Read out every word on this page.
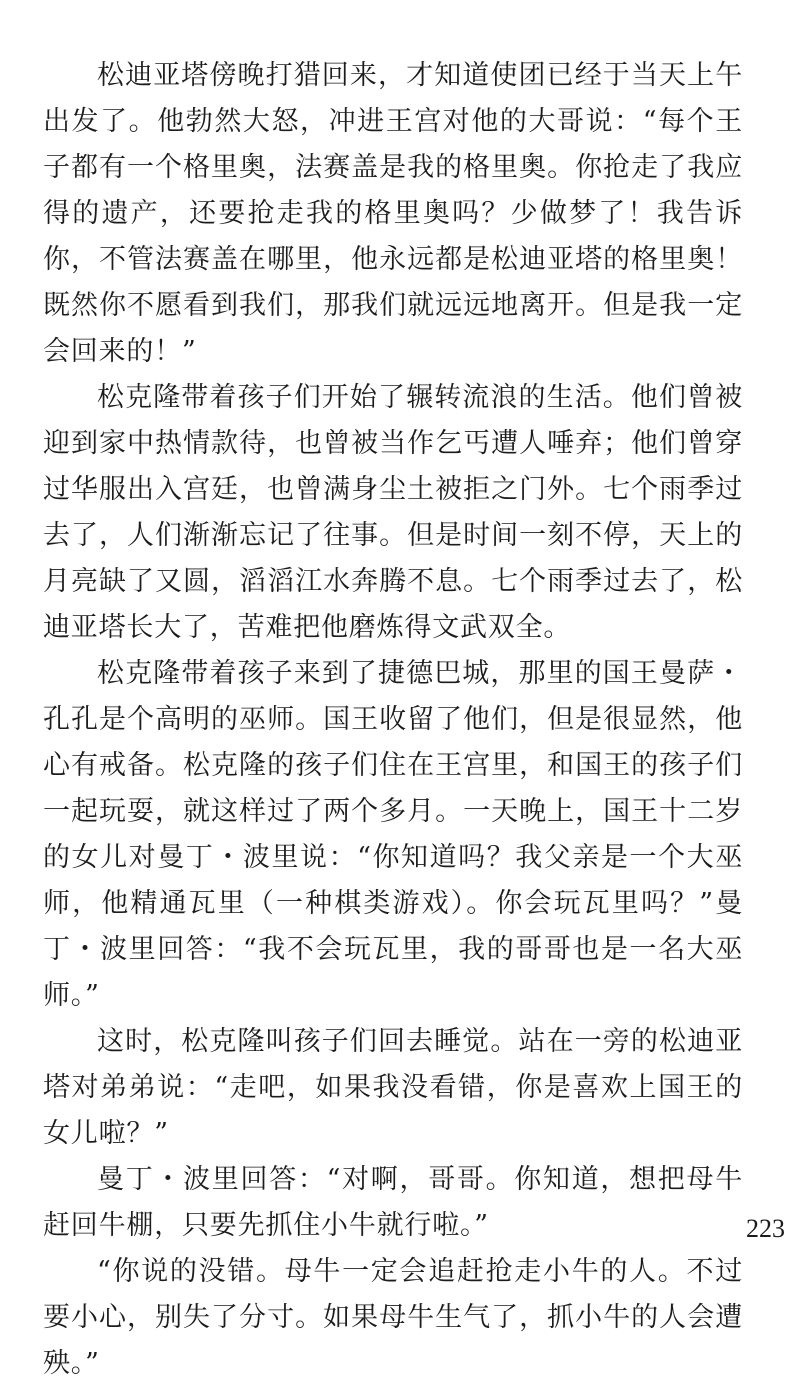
松迪亚塔傍晚打猎回来，才知道使团已经于当天上午出发了。他勃然大怒，冲进王宫对他的大哥说：“每个王子都有一个格里奥，法赛盖是我的格里奥。你抢走了我应得的遗产，还要抢走我的格里奥吗？少做梦了！我告诉你，不管法赛盖在哪里，他永远都是松迪亚塔的格里奥！既然你不愿看到我们，那我们就远远地离开。但是我一定会回来的！”

松克隆带着孩子们开始了辗转流浪的生活。他们曾被迎到家中热情款待，也曾被当作乞丐遭人唾弃；他们曾穿过华服出入宫廷，也曾满身尘土被拒之门外。七个雨季过去了，人们渐渐忘记了往事。但是时间一刻不停，天上的月亮缺了又圆，滔滔江水奔腾不息。七个雨季过去了，松迪亚塔长大了，苦难把他磨炼得文武双全。

松克隆带着孩子来到了捷德巴城，那里的国王曼萨・孔孔是个高明的巫师。国王收留了他们，但是很显然，他心有戒备。松克隆的孩子们住在王宫里，和国王的孩子们一起玩耍，就这样过了两个多月。一天晚上，国王十二岁的女儿对曼丁・波里说：“你知道吗？我父亲是一个大巫师，他精通瓦里（一种棋类游戏）。你会玩瓦里吗？”曼丁・波里回答：“我不会玩瓦里，我的哥哥也是一名大巫师。”

这时，松克隆叫孩子们回去睡觉。站在一旁的松迪亚塔对弟弟说：“走吧，如果我没看错，你是喜欢上国王的女儿啦？”

曼丁・波里回答：“对啊，哥哥。你知道，想把母牛赶回牛棚，只要先抓住小牛就行啦。”

“你说的没错。母牛一定会追赶抢走小牛的人。不过要小心，别失了分寸。如果母牛生气了，抓小牛的人会遭殃。”

223
